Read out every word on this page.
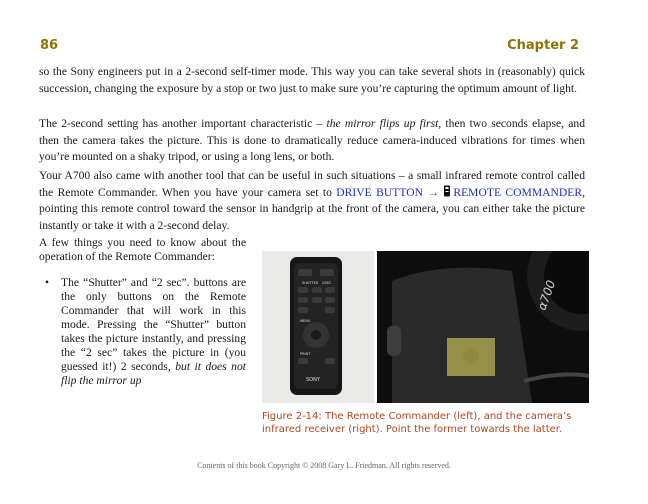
86	Chapter 2

so the Sony engineers put in a 2-second self-timer mode. This way you can take several shots in (reasonably) quick succession, changing the exposure by a stop or two just to make sure you’re capturing the optimum amount of light.

The 2-second setting has another important characteristic – the mirror flips up first, then two seconds elapse, and then the camera takes the picture. This is done to dramatically reduce camera-induced vibrations for times when you’re mounted on a shaky tripod, or using a long lens, or both.

Your A700 also came with another tool that can be useful in such situations – a small infrared remote control called the Remote Commander. When you have your camera set to DRIVE BUTTON → REMOTE COMMANDER, pointing this remote control toward the sensor in handgrip at the front of the camera, you can either take the picture instantly or take it with a 2-second delay.

A few things you need to know about the operation of the Remote Commander:

• The “Shutter” and “2 sec”. buttons are the only buttons on the Remote Commander that will work in this mode. Pressing the “Shutter” button takes the picture instantly, and pressing the “2 sec” takes the picture in (you guessed it!) 2 seconds, but it does not flip the mirror up
SHUTTER 2SEC
MENU
PRINT
SONY
α700
Figure 2-14: The Remote Commander (left), and the camera’s infrared receiver (right). Point the former towards the latter.
Contents of this book Copyright © 2008 Gary L. Friedman. All rights reserved.
